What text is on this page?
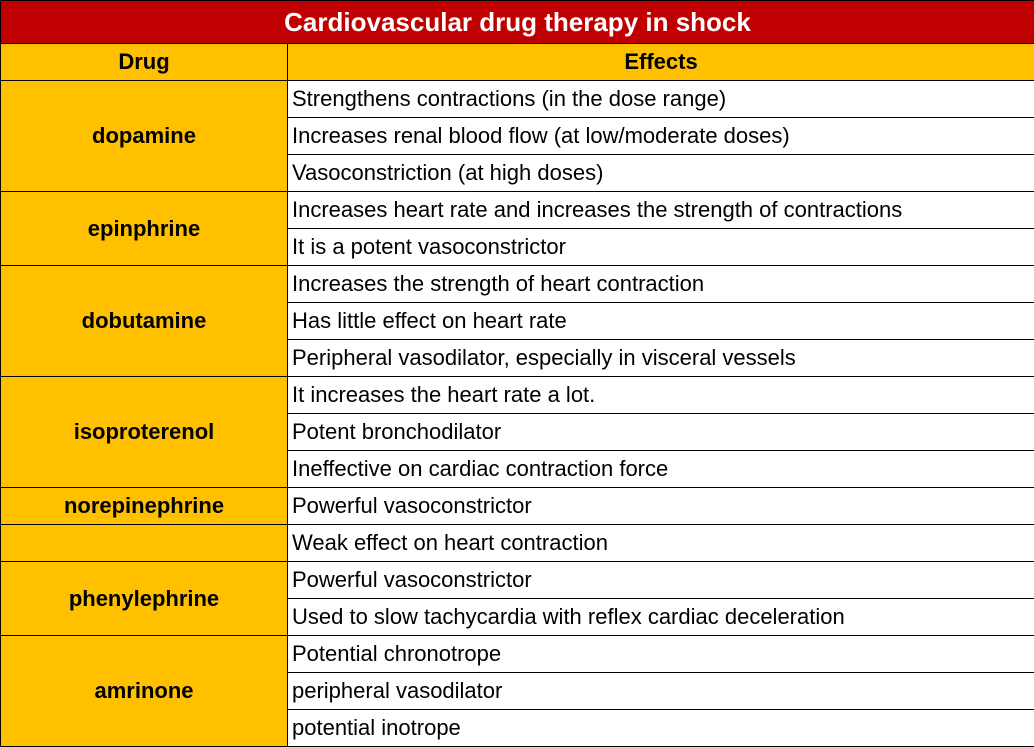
Cardiovascular drug therapy in shock	
Drug	Effects
dopamine	Strengthens contractions (in the dose range)
	Increases renal blood flow (at low/moderate doses)
	Vasoconstriction (at high doses)
epinphrine	Increases heart rate and increases the strength of contractions
	It is a potent vasoconstrictor
dobutamine	Increases the strength of heart contraction
	Has little effect on heart rate
	Peripheral vasodilator, especially in visceral vessels
isoproterenol	It increases the heart rate a lot.
	Potent bronchodilator
	Ineffective on cardiac contraction force
norepinephrine	Powerful vasoconstrictor
	Weak effect on heart contraction
phenylephrine	Powerful vasoconstrictor
	Used to slow tachycardia with reflex cardiac deceleration
amrinone	Potential chronotrope
	peripheral vasodilator
	potential inotrope
